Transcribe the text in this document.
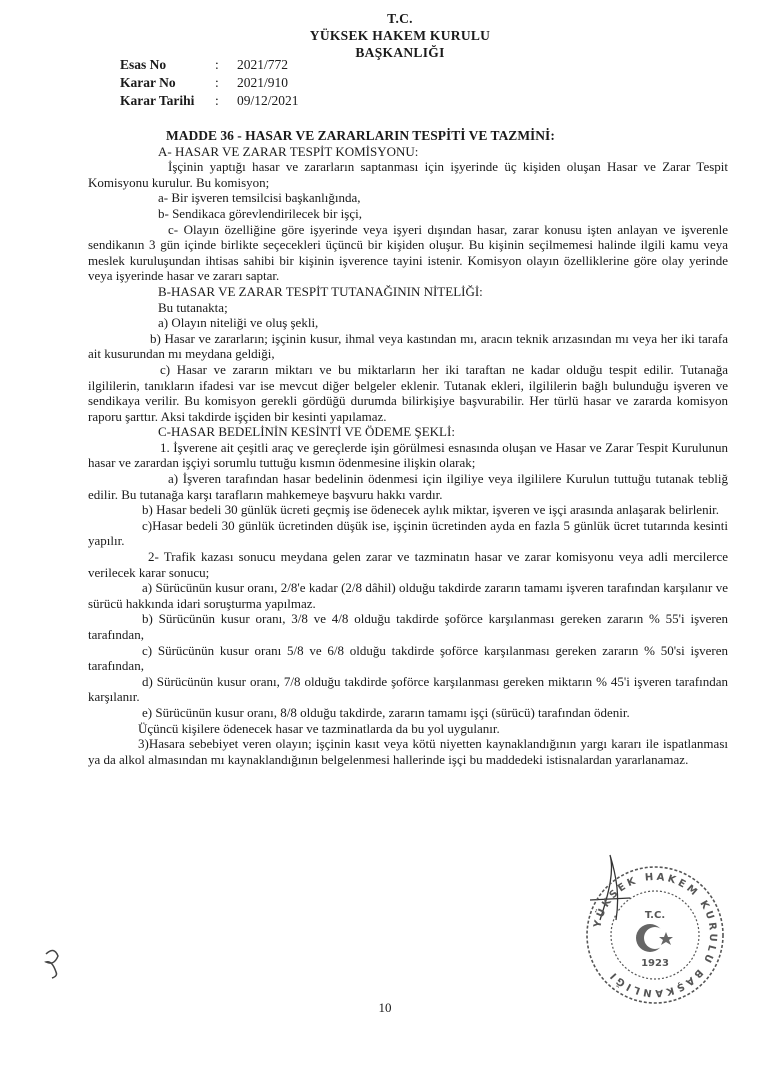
T.C.
YÜKSEK HAKEM KURULU
BAŞKANLIĞI
Esas No	:	2021/772
Karar No	:	2021/910
Karar Tarihi	:	09/12/2021

MADDE 36 - HASAR VE ZARARLARIN TESPİTİ VE TAZMİNİ:

A- HASAR VE ZARAR TESPİT KOMİSYONU:

İşçinin yaptığı hasar ve zararların saptanması için işyerinde üç kişiden oluşan Hasar ve Zarar Tespit Komisyonu kurulur. Bu komisyon;

a- Bir işveren temsilcisi başkanlığında,

b- Sendikaca görevlendirilecek bir işçi,

c- Olayın özelliğine göre işyerinde veya işyeri dışından hasar, zarar konusu işten anlayan ve işverenle sendikanın 3 gün içinde birlikte seçecekleri üçüncü bir kişiden oluşur. Bu kişinin seçilmemesi halinde ilgili kamu veya meslek kuruluşundan ihtisas sahibi bir kişinin işverence tayini istenir. Komisyon olayın özelliklerine göre olay yerinde veya işyerinde hasar ve zararı saptar.

B-HASAR VE ZARAR TESPİT TUTANAĞININ NİTELİĞİ:

Bu tutanakta;

a) Olayın niteliği ve oluş şekli,

b) Hasar ve zararların; işçinin kusur, ihmal veya kastından mı, aracın teknik arızasından mı veya her iki tarafa ait kusurundan mı meydana geldiği,

c) Hasar ve zararın miktarı ve bu miktarların her iki taraftan ne kadar olduğu tespit edilir. Tutanağa ilgililerin, tanıkların ifadesi var ise mevcut diğer belgeler eklenir. Tutanak ekleri, ilgililerin bağlı bulunduğu işveren ve sendikaya verilir. Bu komisyon gerekli gördüğü durumda bilirkişiye başvurabilir. Her türlü hasar ve zararda komisyon raporu şarttır. Aksi takdirde işçiden bir kesinti yapılamaz.

C-HASAR BEDELİNİN KESİNTİ VE ÖDEME ŞEKLİ:

1. İşverene ait çeşitli araç ve gereçlerde işin görülmesi esnasında oluşan ve Hasar ve Zarar Tespit Kurulunun hasar ve zarardan işçiyi sorumlu tuttuğu kısmın ödenmesine ilişkin olarak;

a) İşveren tarafından hasar bedelinin ödenmesi için ilgiliye veya ilgililere Kurulun tuttuğu tutanak tebliğ edilir. Bu tutanağa karşı tarafların mahkemeye başvuru hakkı vardır.

b) Hasar bedeli 30 günlük ücreti geçmiş ise ödenecek aylık miktar, işveren ve işçi arasında anlaşarak belirlenir.

c)Hasar bedeli 30 günlük ücretinden düşük ise, işçinin ücretinden ayda en fazla 5 günlük ücret tutarında kesinti yapılır.

2- Trafik kazası sonucu meydana gelen zarar ve tazminatın hasar ve zarar komisyonu veya adli mercilerce verilecek karar sonucu;

a) Sürücünün kusur oranı, 2/8'e kadar (2/8 dâhil) olduğu takdirde zararın tamamı işveren tarafından karşılanır ve sürücü hakkında idari soruşturma yapılmaz.

b) Sürücünün kusur oranı, 3/8 ve 4/8 olduğu takdirde şoförce karşılanması gereken zararın % 55'i işveren tarafından,

c) Sürücünün kusur oranı 5/8 ve 6/8 olduğu takdirde şoförce karşılanması gereken zararın % 50'si işveren tarafından,

d) Sürücünün kusur oranı, 7/8 olduğu takdirde şoförce karşılanması gereken miktarın % 45'i işveren tarafından karşılanır.

e) Sürücünün kusur oranı, 8/8 olduğu takdirde, zararın tamamı işçi (sürücü) tarafından ödenir.

Üçüncü kişilere ödenecek hasar ve tazminatlarda da bu yol uygulanır.

3)Hasara sebebiyet veren olayın; işçinin kasıt veya kötü niyetten kaynaklandığının yargı kararı ile ispatlanması ya da alkol almasından mı kaynaklandığının belgelenmesi hallerinde işçi bu maddedeki istisnalardan yararlanamaz.

10
YÜKSEK HAKEM KURULU BAŞKANLIĞI
T.C.
1923
